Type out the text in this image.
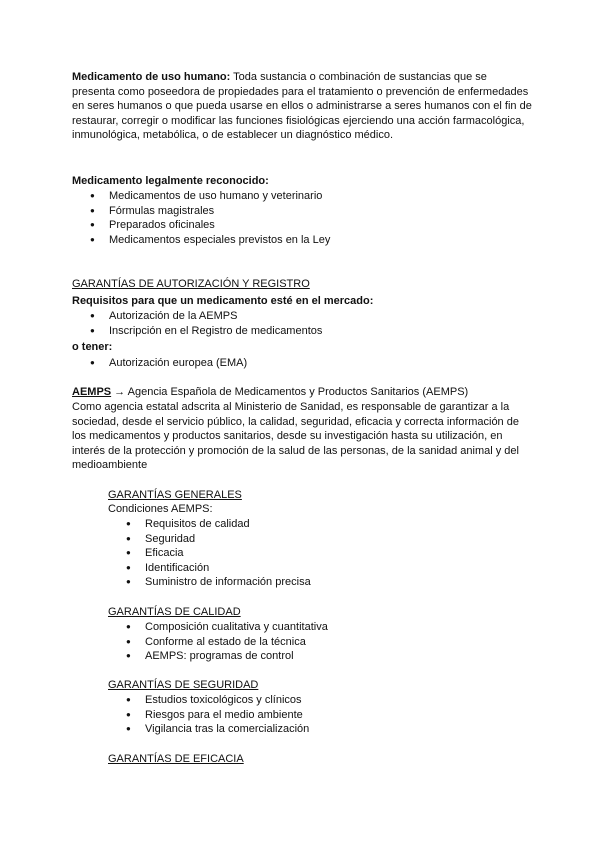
Medicamento de uso humano: Toda sustancia o combinación de sustancias que se presenta como poseedora de propiedades para el tratamiento o prevención de enfermedades en seres humanos o que pueda usarse en ellos o administrarse a seres humanos con el fin de restaurar, corregir o modificar las funciones fisiológicas ejerciendo una acción farmacológica, inmunológica, metabólica, o de establecer un diagnóstico médico.

Medicamento legalmente reconocido:

● Medicamentos de uso humano y veterinario
● Fórmulas magistrales
● Preparados oficinales
● Medicamentos especiales previstos en la Ley

GARANTÍAS DE AUTORIZACIÓN Y REGISTRO

Requisitos para que un medicamento esté en el mercado:

● Autorización de la AEMPS
● Inscripción en el Registro de medicamentos

o tener:

● Autorización europea (EMA)

AEMPS → Agencia Española de Medicamentos y Productos Sanitarios (AEMPS)

Como agencia estatal adscrita al Ministerio de Sanidad, es responsable de garantizar a la sociedad, desde el servicio público, la calidad, seguridad, eficacia y correcta información de los medicamentos y productos sanitarios, desde su investigación hasta su utilización, en interés de la protección y promoción de la salud de las personas, de la sanidad animal y del medioambiente

GARANTÍAS GENERALES

Condiciones AEMPS:

● Requisitos de calidad
● Seguridad
● Eficacia
● Identificación
● Suministro de información precisa

GARANTÍAS DE CALIDAD

● Composición cualitativa y cuantitativa
● Conforme al estado de la técnica
● AEMPS: programas de control

GARANTÍAS DE SEGURIDAD

● Estudios toxicológicos y clínicos
● Riesgos para el medio ambiente
● Vigilancia tras la comercialización

GARANTÍAS DE EFICACIA
